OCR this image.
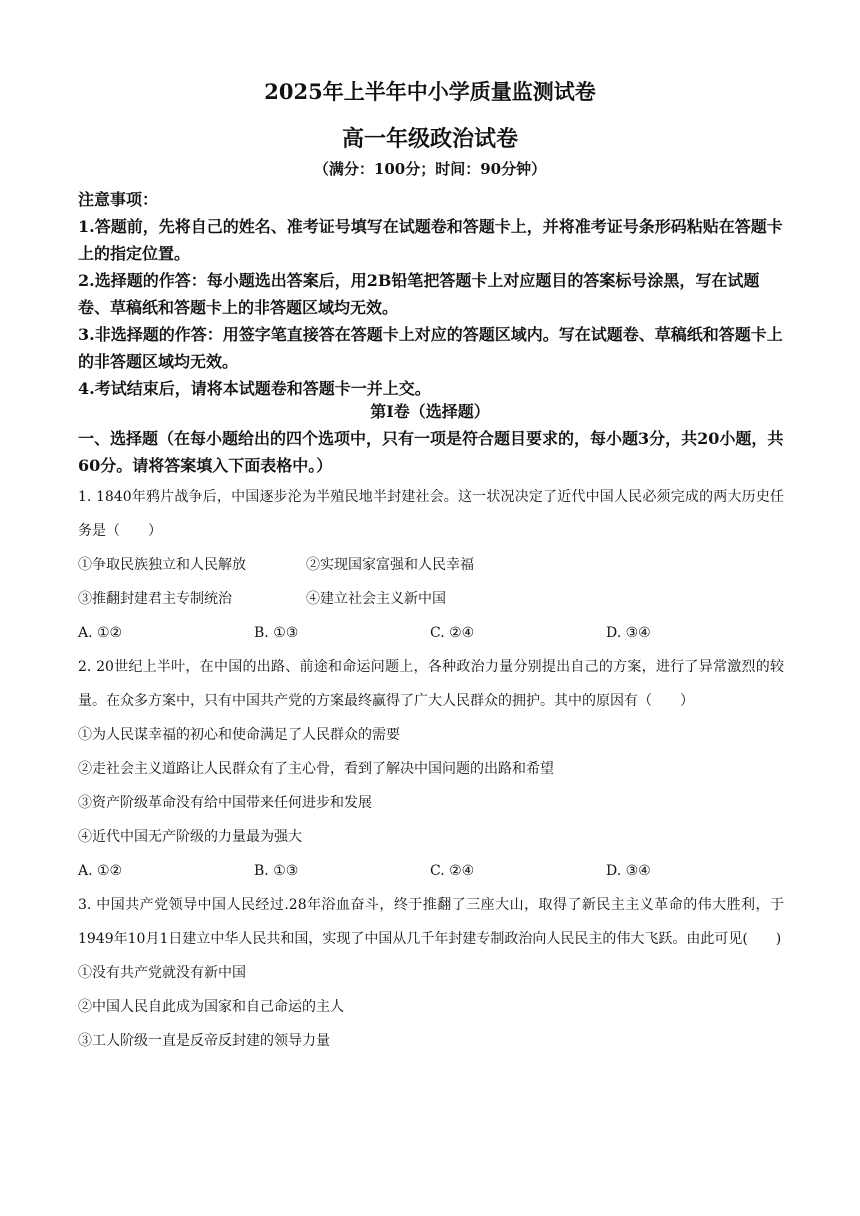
2025年上半年中小学质量监测试卷
高一年级政治试卷
（满分：100分；时间：90分钟）

注意事项：

1.答题前，先将自己的姓名、准考证号填写在试题卷和答题卡上，并将准考证号条形码粘贴在答题卡上的指定位置。

2.选择题的作答：每小题选出答案后，用2B铅笔把答题卡上对应题目的答案标号涂黑，写在试题卷、草稿纸和答题卡上的非答题区域均无效。

3.非选择题的作答：用签字笔直接答在答题卡上对应的答题区域内。写在试题卷、草稿纸和答题卡上的非答题区域均无效。

4.考试结束后，请将本试题卷和答题卡一并上交。

第Ⅰ卷（选择题）
一、选择题（在每小题给出的四个选项中，只有一项是符合题目要求的，每小题3分，共20小题，共60分。请将答案填入下面表格中。）

1. 1840年鸦片战争后，中国逐步沦为半殖民地半封建社会。这一状况决定了近代中国人民必须完成的两大历史任务是（　　）

①争取民族独立和人民解放	②实现国家富强和人民幸福
③推翻封建君主专制统治	④建立社会主义新中国
A. ①②	B. ①③	C. ②④	D. ③④

2. 20世纪上半叶，在中国的出路、前途和命运问题上，各种政治力量分别提出自己的方案，进行了异常激烈的较量。在众多方案中，只有中国共产党的方案最终赢得了广大人民群众的拥护。其中的原因有（　　）

①为人民谋幸福的初心和使命满足了人民群众的需要

②走社会主义道路让人民群众有了主心骨，看到了解决中国问题的出路和希望

③资产阶级革命没有给中国带来任何进步和发展

④近代中国无产阶级的力量最为强大

A. ①②	B. ①③	C. ②④	D. ③④

3. 中国共产党领导中国人民经过.28年浴血奋斗，终于推翻了三座大山，取得了新民主主义革命的伟大胜利，于1949年10月1日建立中华人民共和国，实现了中国从几千年封建专制政治向人民民主的伟大飞跃。由此可见(　　)

①没有共产党就没有新中国

②中国人民自此成为国家和自己命运的主人

③工人阶级一直是反帝反封建的领导力量
